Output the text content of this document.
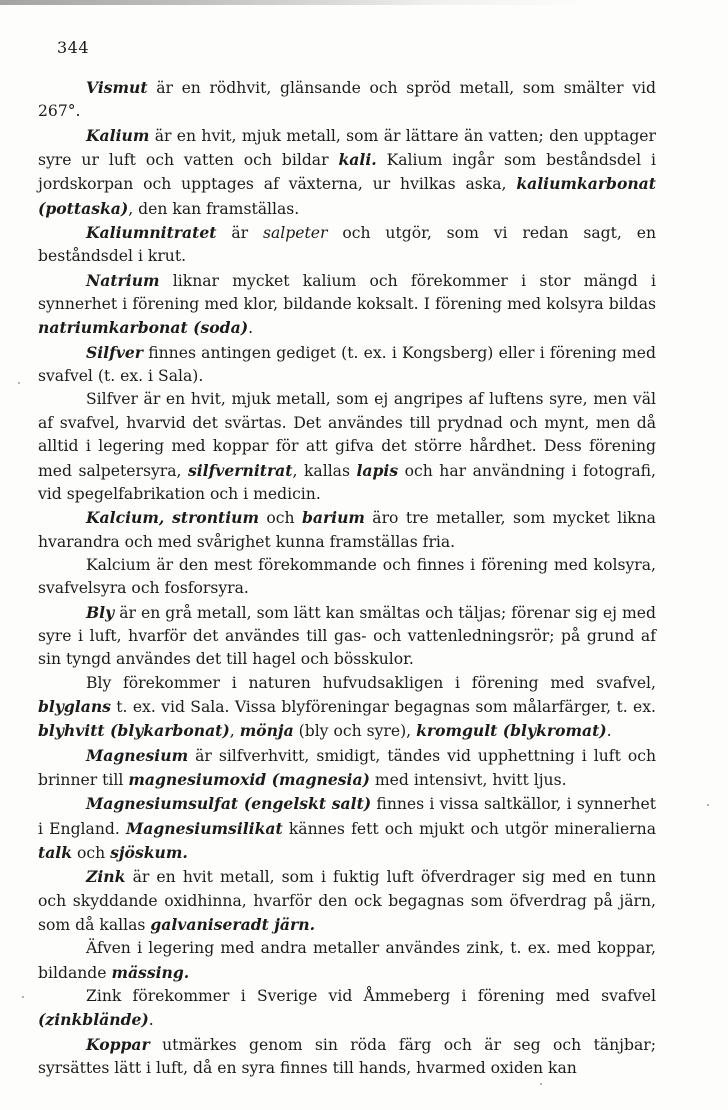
344

Vismut är en rödhvit, glänsande och spröd metall, som smälter vid 267°.

Kalium är en hvit, mjuk metall, som är lättare än vatten; den upptager syre ur luft och vatten och bildar kali. Kalium ingår som beståndsdel i jordskorpan och upptages af växterna, ur hvilkas aska, kaliumkarbonat (pottaska), den kan framställas.

Kaliumnitratet är salpeter och utgör, som vi redan sagt, en beståndsdel i krut.

Natrium liknar mycket kalium och förekommer i stor mängd i synnerhet i förening med klor, bildande koksalt. I förening med kolsyra bildas natriumkarbonat (soda).

Silfver finnes antingen gediget (t. ex. i Kongsberg) eller i förening med svafvel (t. ex. i Sala).

Silfver är en hvit, mjuk metall, som ej angripes af luftens syre, men väl af svafvel, hvarvid det svärtas. Det användes till prydnad och mynt, men då alltid i legering med koppar för att gifva det större hårdhet. Dess förening med salpetersyra, silfvernitrat, kallas lapis och har användning i fotografi, vid spegelfabrikation och i medicin.

Kalcium, strontium och barium äro tre metaller, som mycket likna hvarandra och med svårighet kunna framställas fria.

Kalcium är den mest förekommande och finnes i förening med kolsyra, svafvelsyra och fosforsyra.

Bly är en grå metall, som lätt kan smältas och täljas; förenar sig ej med syre i luft, hvarför det användes till gas- och vattenledningsrör; på grund af sin tyngd användes det till hagel och bösskulor.

Bly förekommer i naturen hufvudsakligen i förening med svafvel, blyglans t. ex. vid Sala. Vissa blyföreningar begagnas som målarfärger, t. ex. blyhvitt (blykarbonat), mönja (bly och syre), kromgult (blykromat).

Magnesium är silfverhvitt, smidigt, tändes vid upphettning i luft och brinner till magnesiumoxid (magnesia) med intensivt, hvitt ljus.

Magnesiumsulfat (engelskt salt) finnes i vissa saltkällor, i synnerhet i England. Magnesiumsilikat kännes fett och mjukt och utgör mineralierna talk och sjöskum.

Zink är en hvit metall, som i fuktig luft öfverdrager sig med en tunn och skyddande oxidhinna, hvarför den ock begagnas som öfverdrag på järn, som då kallas galvaniseradt järn.

Äfven i legering med andra metaller användes zink, t. ex. med koppar, bildande mässing.

Zink förekommer i Sverige vid Åmmeberg i förening med svafvel (zinkblände).

Koppar utmärkes genom sin röda färg och är seg och tänjbar; syrsättes lätt i luft, då en syra finnes till hands, hvarmed oxiden kan
